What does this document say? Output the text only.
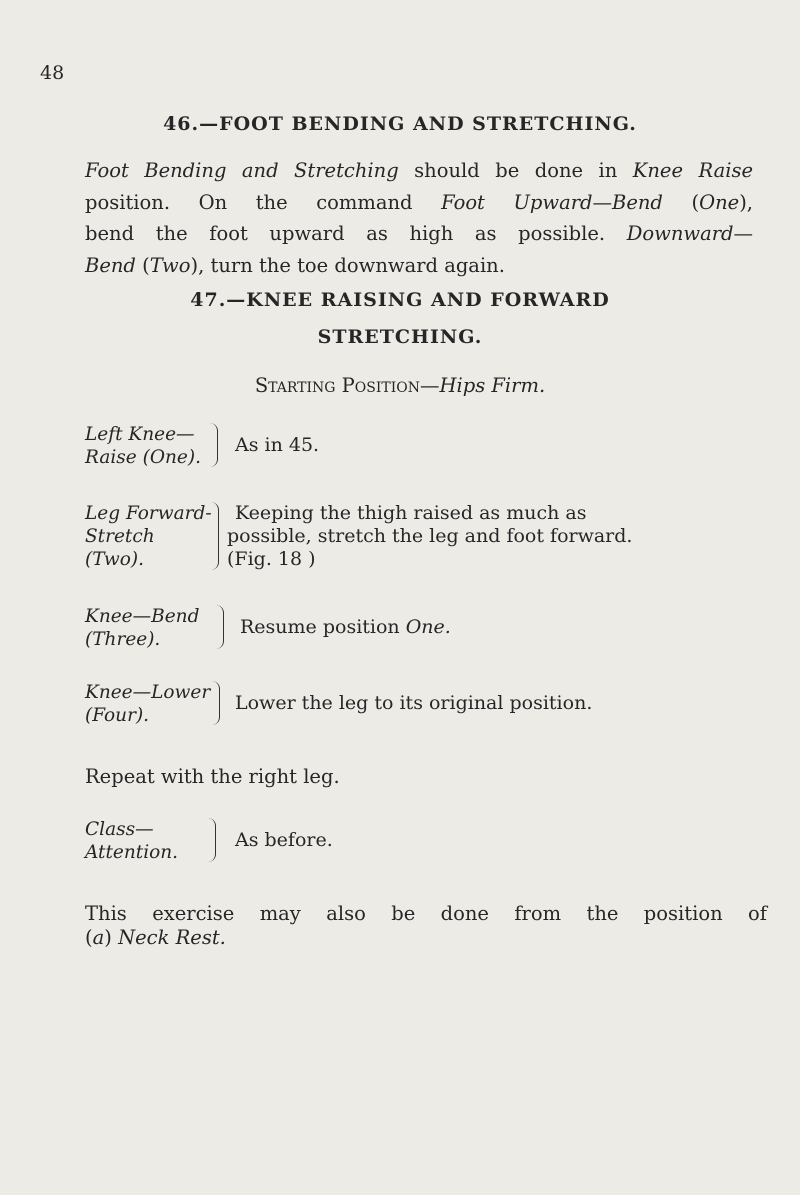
48
46.—FOOT BENDING AND STRETCHING.
Foot Bending and Stretching should be done in Knee Raise
position. On the command Foot Upward—Bend (One),
bend the foot upward as high as possible. Downward—
Bend (Two), turn the toe downward again.
47.—KNEE RAISING AND FORWARD
STRETCHING.
Starting Position—Hips Firm.
Left Knee—
Raise (One).
As in 45.
Leg Forward-
Stretch
(Two).
Keeping the thigh raised as much as
possible, stretch the leg and foot forward.
(Fig. 18 )
Knee—Bend
(Three).
Resume position One.
Knee—Lower
(Four).
Lower the leg to its original position.
Repeat with the right leg.
Class—
Attention.
As before.
This exercise may also be done from the position of
(a) Neck Rest.
